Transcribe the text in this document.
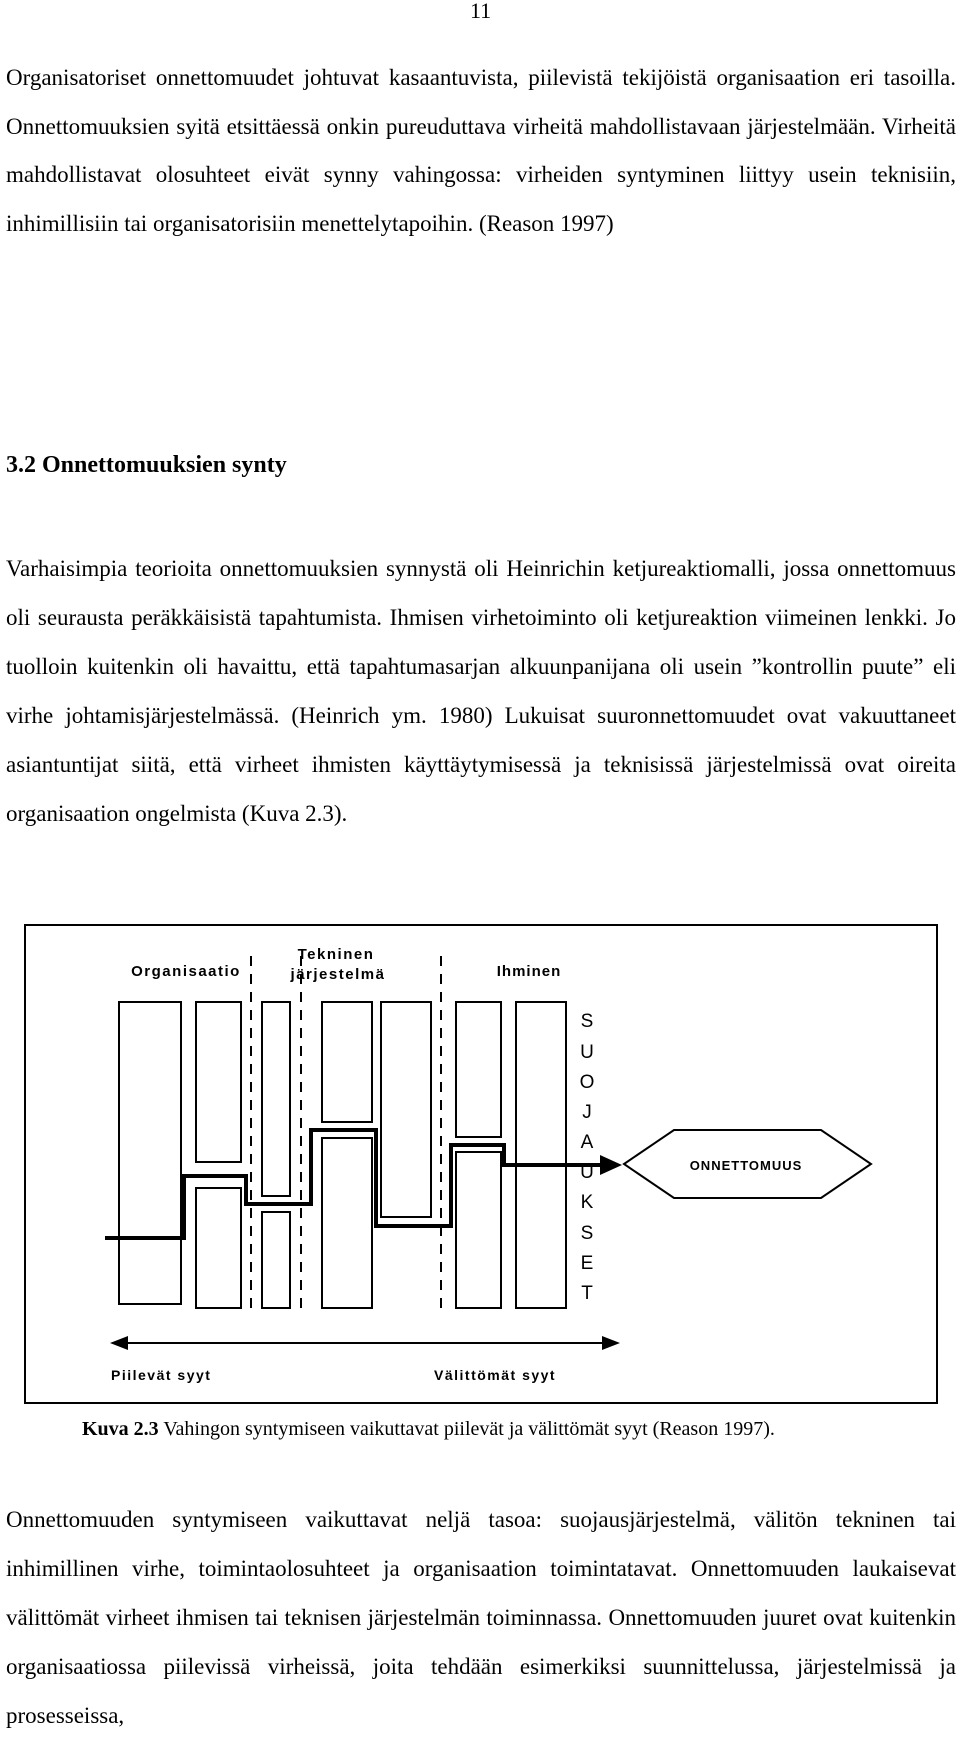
11

Organisatoriset onnettomuudet johtuvat kasaantuvista, piilevistä tekijöistä organisaation eri tasoilla. Onnettomuuksien syitä etsittäessä onkin pureuduttava virheitä mahdollistavaan järjestelmään. Virheitä mahdollistavat olosuhteet eivät synny vahingossa: virheiden syntyminen liittyy usein teknisiin, inhimillisiin tai organisatorisiin menettelytapoihin. (Reason 1997)

3.2 Onnettomuuksien synty

Varhaisimpia teorioita onnettomuuksien synnystä oli Heinrichin ketjureaktiomalli, jossa onnettomuus oli seurausta peräkkäisistä tapahtumista. Ihmisen virhetoiminto oli ketjureaktion viimeinen lenkki. Jo tuolloin kuitenkin oli havaittu, että tapahtumasarjan alkuunpanijana oli usein ”kontrollin puute” eli virhe johtamisjärjestelmässä. (Heinrich ym. 1980) Lukuisat suuronnettomuudet ovat vakuuttaneet asiantuntijat siitä, että virheet ihmisten käyttäytymisessä ja teknisissä järjestelmissä ovat oireita organisaation ongelmista (Kuva 2.3).

Organisaatio
Tekninen
järjestelmä	Ihminen
S
U
O
J
A
U
K
S
E
T
ONNETTOMUUS
Piilevät syyt	Välittömät syyt
Kuva 2.3 Vahingon syntymiseen vaikuttavat piilevät ja välittömät syyt (Reason 1997).

Onnettomuuden syntymiseen vaikuttavat neljä tasoa: suojausjärjestelmä, välitön tekninen tai inhimillinen virhe, toimintaolosuhteet ja organisaation toimintatavat. Onnettomuuden laukaisevat välittömät virheet ihmisen tai teknisen järjestelmän toiminnassa. Onnettomuuden juuret ovat kuitenkin organisaatiossa piilevissä virheissä, joita tehdään esimerkiksi suunnittelussa, järjestelmissä ja prosesseissa,
